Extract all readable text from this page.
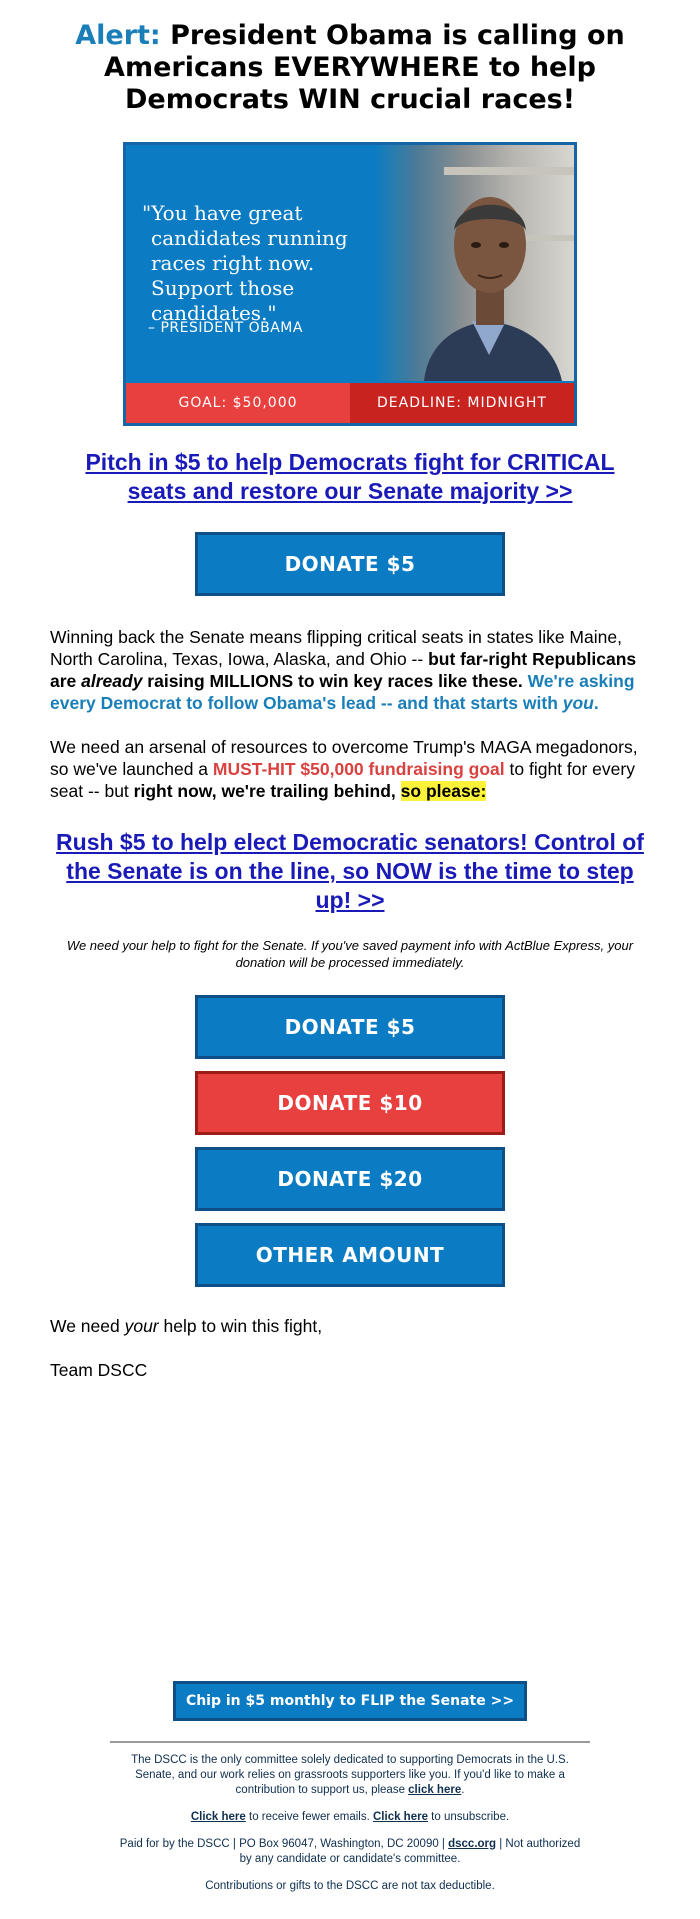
Alert: President Obama is calling on Americans EVERYWHERE to help Democrats WIN crucial races!
"You have great
candidates running
races right now.
Support those candidates."
– PRESIDENT OBAMA
GOAL: $50,000	DEADLINE: MIDNIGHT
Pitch in $5 to help Democrats fight for CRITICAL seats and restore our Senate majority >>
DONATE $5
Winning back the Senate means flipping critical seats in states like Maine, North Carolina, Texas, Iowa, Alaska, and Ohio -- but far-right Republicans are already raising MILLIONS to win key races like these. We're asking every Democrat to follow Obama's lead -- and that starts with you.
We need an arsenal of resources to overcome Trump's MAGA megadonors, so we've launched a MUST-HIT $50,000 fundraising goal to fight for every seat -- but right now, we're trailing behind, so please:
Rush $5 to help elect Democratic senators! Control of the Senate is on the line, so NOW is the time to step up! >>
We need your help to fight for the Senate. If you've saved payment info with ActBlue Express, your donation will be processed immediately.
DONATE $5
DONATE $10
DONATE $20
OTHER AMOUNT
We need your help to win this fight,
Team DSCC
Chip in $5 monthly to FLIP the Senate >>
The DSCC is the only committee solely dedicated to supporting Democrats in the U.S. Senate, and our work relies on grassroots supporters like you. If you'd like to make a contribution to support us, please click here.
Click here to receive fewer emails. Click here to unsubscribe.
Paid for by the DSCC | PO Box 96047, Washington, DC 20090 | dscc.org | Not authorized by any candidate or candidate's committee.
Contributions or gifts to the DSCC are not tax deductible.
